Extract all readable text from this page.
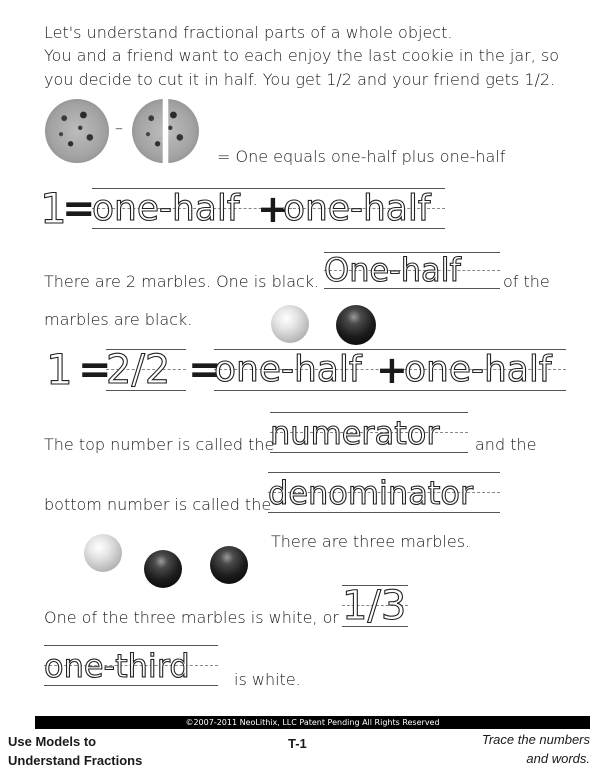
Let's understand fractional parts of a whole object.
You and a friend want to each enjoy the last cookie in the jar, so
you decide to cut it in half. You get 1/2 and your friend gets 1/2.
–
= One equals one-half plus one-half
1
=
one-half +
one-half
There are 2 marbles. One is black. One-half	of the
marbles are black.
1 =
2/2 =
one-half +
one-half
The top number is called the
numerator and the
bottom number is called the
denominator
There are three marbles.
One of the three marbles is white, or 1/3
one-third	is white.
©2007-2011 NeoLithix, LLC Patent Pending All Rights Reserved
Use Models to
Understand Fractions
T-1	Trace the numbers
and words.
